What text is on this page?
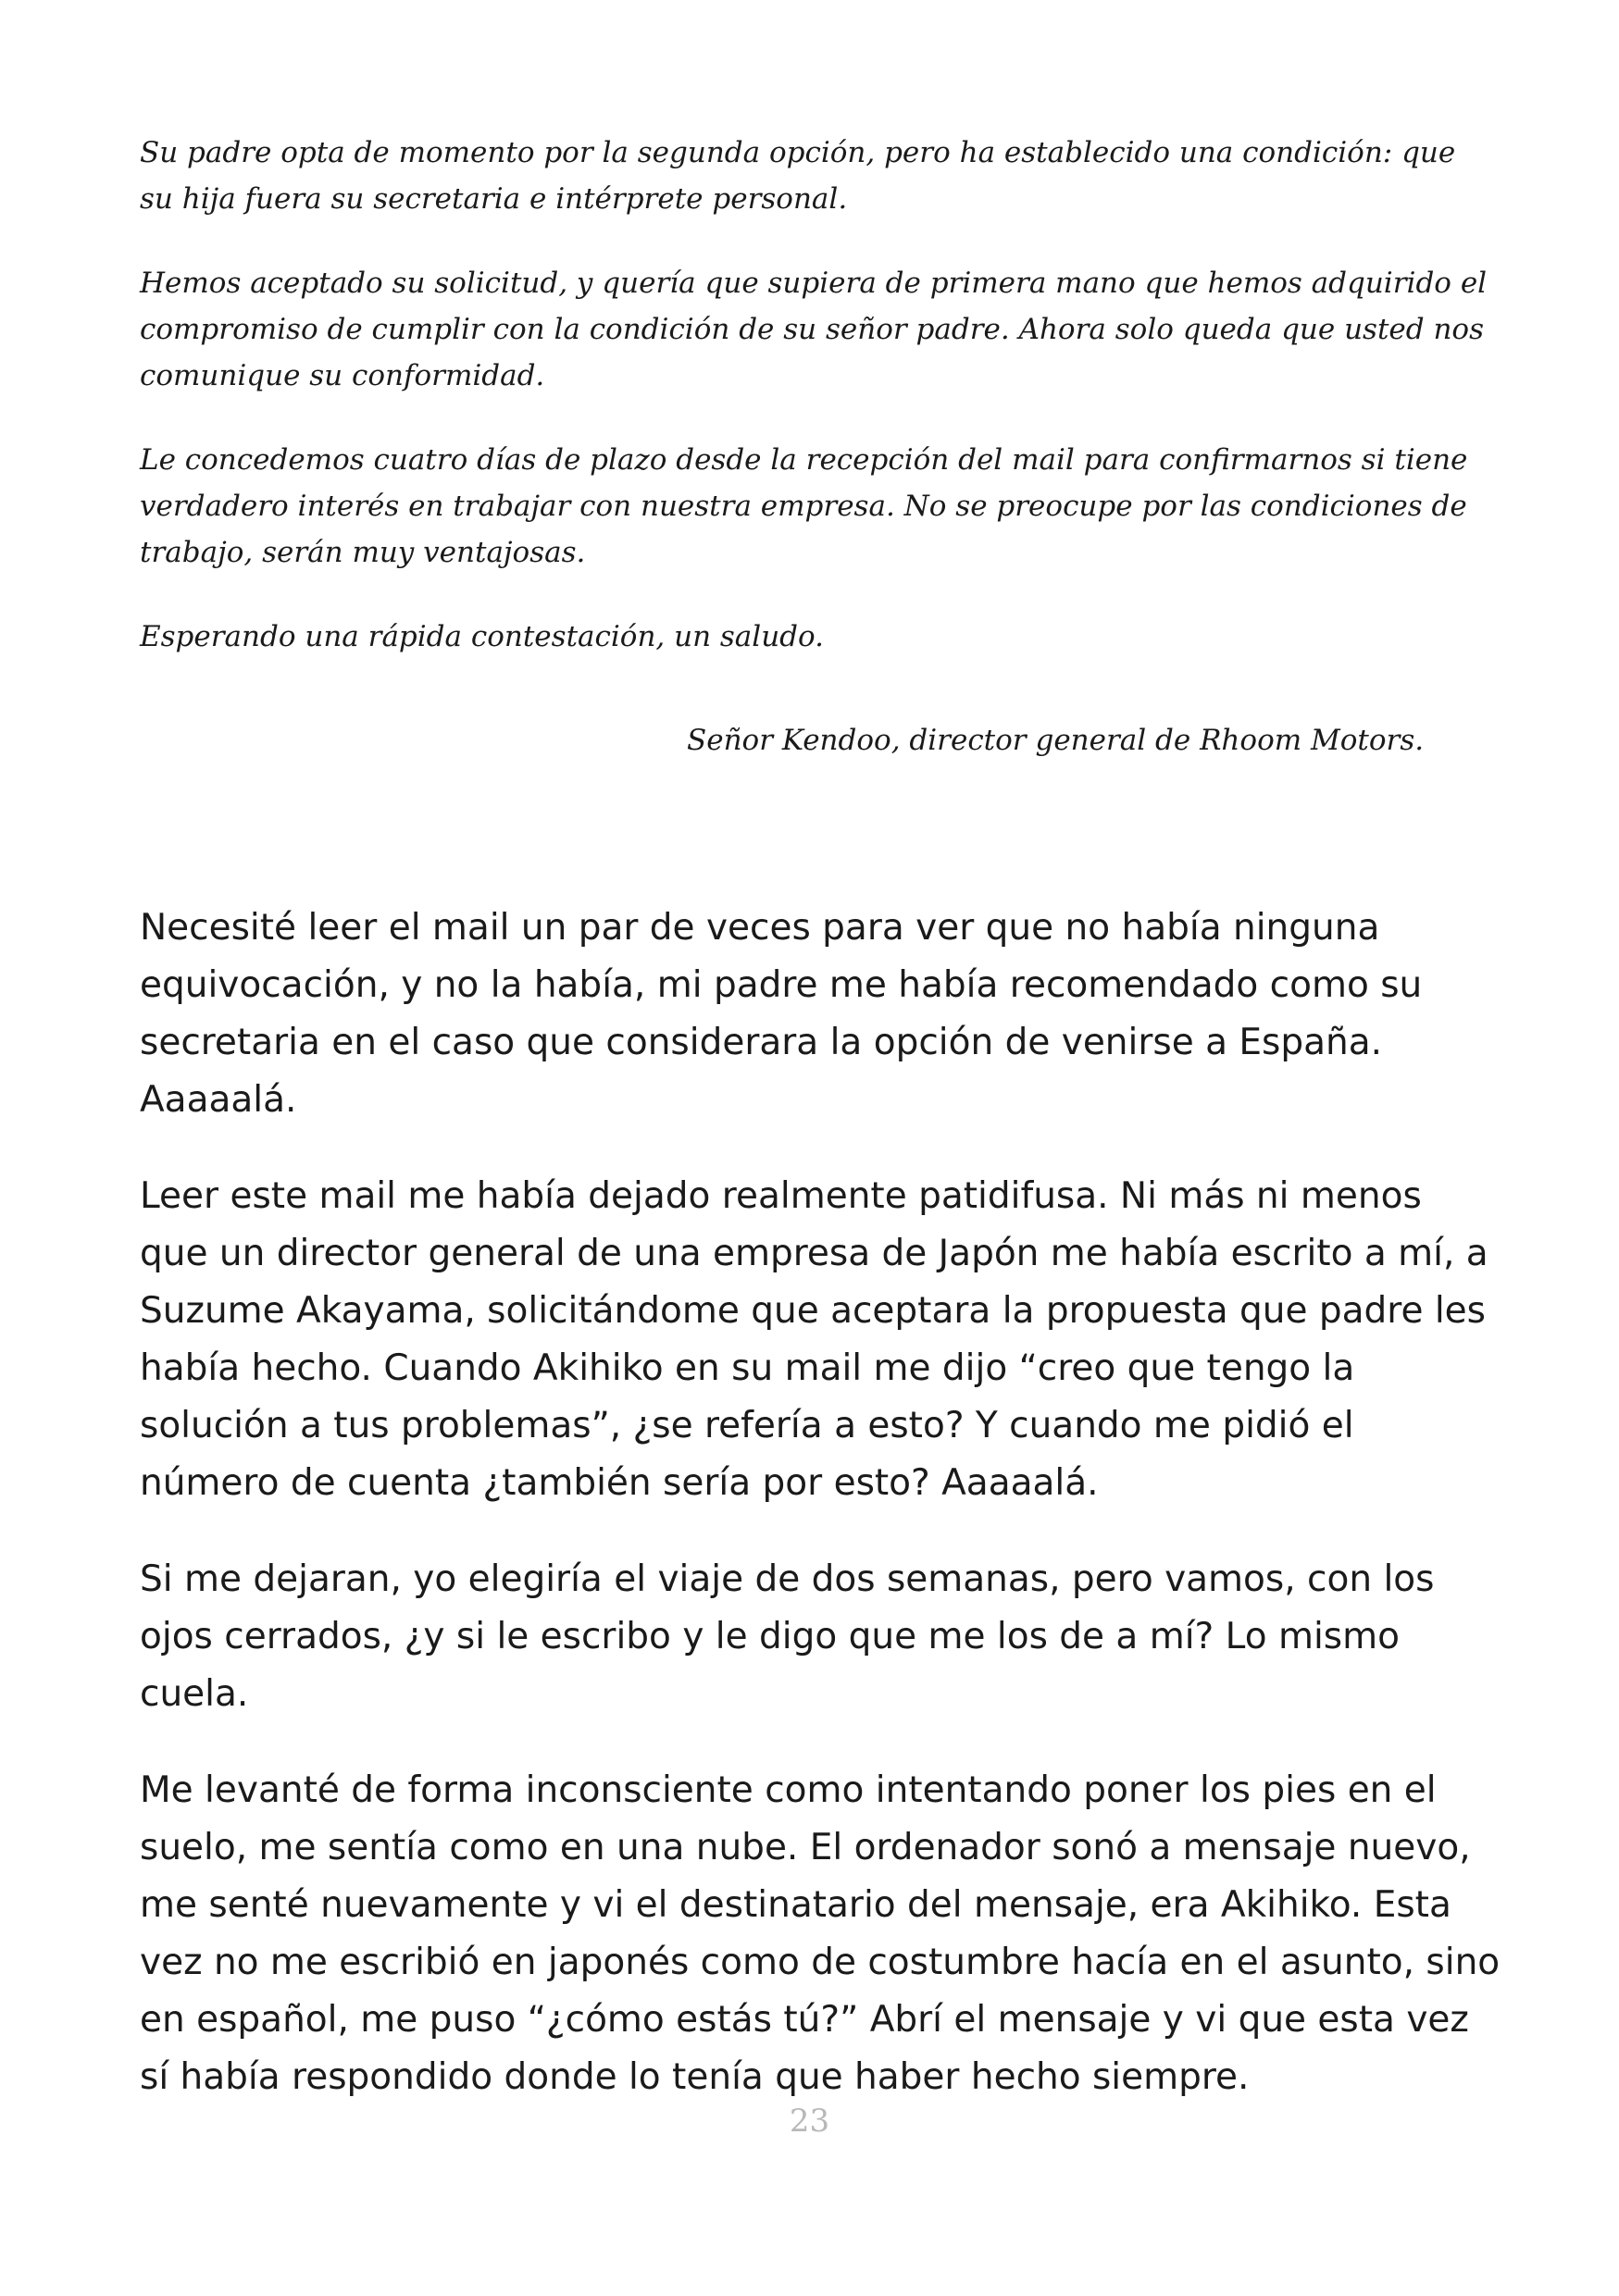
Su padre opta de momento por la segunda opción, pero ha establecido una condición: que su hija fuera su secretaria e intérprete personal.

Hemos aceptado su solicitud, y quería que supiera de primera mano que hemos adquirido el compromiso de cumplir con la condición de su señor padre. Ahora solo queda que usted nos comunique su conformidad.

Le concedemos cuatro días de plazo desde la recepción del mail para confirmarnos si tiene verdadero interés en trabajar con nuestra empresa. No se preocupe por las condiciones de trabajo, serán muy ventajosas.

Esperando una rápida contestación, un saludo.

Señor Kendoo, director general de Rhoom Motors.

Necesité leer el mail un par de veces para ver que no había ninguna equivocación, y no la había, mi padre me había recomendado como su secretaria en el caso que considerara la opción de venirse a España. Aaaaalá.

Leer este mail me había dejado realmente patidifusa. Ni más ni menos que un director general de una empresa de Japón me había escrito a mí, a Suzume Akayama, solicitándome que aceptara la propuesta que padre les había hecho. Cuando Akihiko en su mail me dijo “creo que tengo la solución a tus problemas”, ¿se refería a esto? Y cuando me pidió el número de cuenta ¿también sería por esto? Aaaaalá.

Si me dejaran, yo elegiría el viaje de dos semanas, pero vamos, con los ojos cerrados, ¿y si le escribo y le digo que me los de a mí? Lo mismo cuela.

Me levanté de forma inconsciente como intentando poner los pies en el suelo, me sentía como en una nube. El ordenador sonó a mensaje nuevo, me senté nuevamente y vi el destinatario del mensaje, era Akihiko. Esta vez no me escribió en japonés como de costumbre hacía en el asunto, sino en español, me puso “¿cómo estás tú?” Abrí el mensaje y vi que esta vez sí había respondido donde lo tenía que haber hecho siempre.

23
